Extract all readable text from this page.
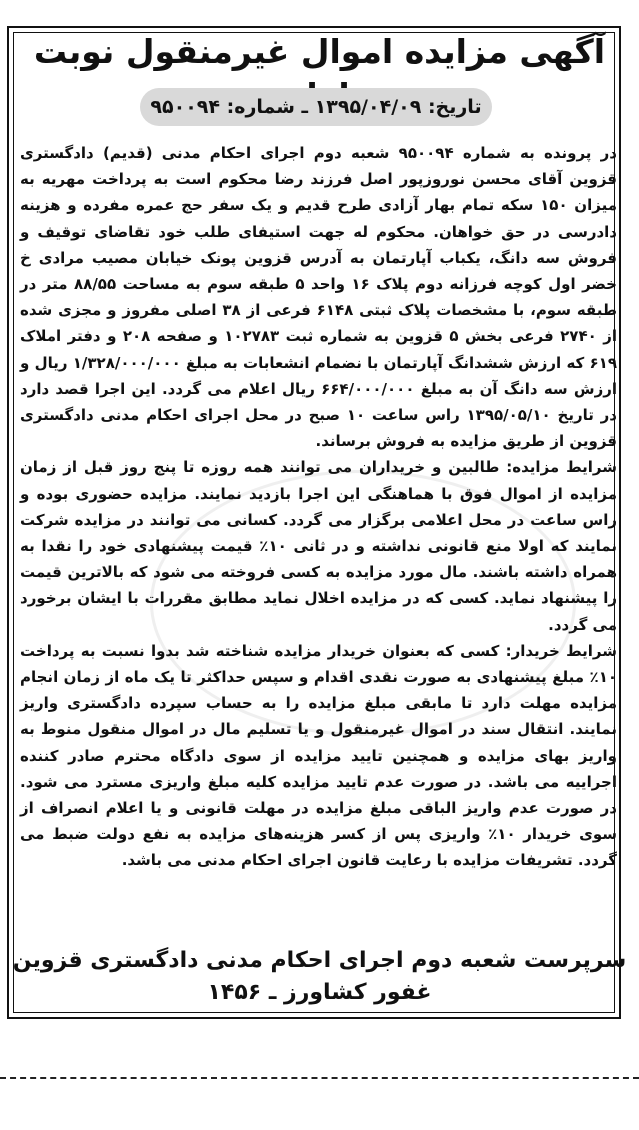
آگهی مزایده اموال غیرمنقول نوبت
تاریخ: ۱۳۹۵/۰۴/۰۹ ـ شماره: ۹۵۰۰۹۴

در پرونده به شماره ۹۵۰۰۹۴ شعبه دوم اجرای احکام مدنی (قدیم) دادگستری قزوین آقای محسن نوروزپور اصل فرزند رضا محکوم است به پرداخت مهریه به میزان ۱۵۰ سکه تمام بهار آزادی طرح قدیم و یک سفر حج عمره مفرده و هزینه دادرسی در حق خواهان. محکوم له جهت استیفای طلب خود تقاضای توقیف و فروش سه دانگ، یکباب آپارتمان به آدرس قزوین پونک خیابان مصیب مرادی خ خضر اول کوچه فرزانه دوم پلاک ۱۶ واحد ۵ طبقه سوم به مساحت ۸۸/۵۵ متر در طبقه سوم، با مشخصات پلاک ثبتی ۶۱۴۸ فرعی از ۳۸ اصلی مفروز و مجزی شده از ۲۷۴۰ فرعی بخش ۵ قزوین به شماره ثبت ۱۰۲۷۸۳ و صفحه ۲۰۸ و دفتر املاک ۶۱۹ که ارزش ششدانگ آپارتمان با نضمام انشعابات به مبلغ ۱/۳۲۸/۰۰۰/۰۰۰ ریال و ارزش سه دانگ آن به مبلغ ۶۶۴/۰۰۰/۰۰۰ ریال اعلام می گردد. این اجرا قصد دارد در تاریخ ۱۳۹۵/۰۵/۱۰ راس ساعت ۱۰ صبح در محل اجرای احکام مدنی دادگستری قزوین از طریق مزایده به فروش برساند.

شرایط مزایده: طالبین و خریداران می توانند همه روزه تا پنج روز قبل از زمان مزایده از اموال فوق با هماهنگی این اجرا بازدید نمایند. مزایده حضوری بوده و راس ساعت در محل اعلامی برگزار می گردد. کسانی می توانند در مزایده شرکت نمایند که اولا منع قانونی نداشته و در ثانی ۱۰٪ قیمت پیشنهادی خود را نقدا به همراه داشته باشند. مال مورد مزایده به کسی فروخته می شود که بالاترین قیمت را پیشنهاد نماید. کسی که در مزایده اخلال نماید مطابق مقررات با ایشان برخورد می گردد.

شرایط خریدار: کسی که بعنوان خریدار مزایده شناخته شد بدوا نسبت به پرداخت ۱۰٪ مبلغ پیشنهادی به صورت نقدی اقدام و سپس حداکثر تا یک ماه از زمان انجام مزایده مهلت دارد تا مابقی مبلغ مزایده را به حساب سپرده دادگستری واریز نمایند. انتقال سند در اموال غیرمنقول و یا تسلیم مال در اموال منقول منوط به واریز بهای مزایده و همچنین تایید مزایده از سوی دادگاه محترم صادر کننده اجراییه می باشد. در صورت عدم تایید مزایده کلیه مبلغ واریزی مسترد می شود. در صورت عدم واریز الباقی مبلغ مزایده در مهلت قانونی و یا اعلام انصراف از سوی خریدار ۱۰٪ واریزی پس از کسر هزینه‌های مزایده به نفع دولت ضبط می گردد. تشریفات مزایده با رعایت قانون اجرای احکام مدنی می باشد.

سرپرست شعبه دوم اجرای احکام مدنی دادگستری قزوین
غفور کشاورز ـ ۱۴۵۶
